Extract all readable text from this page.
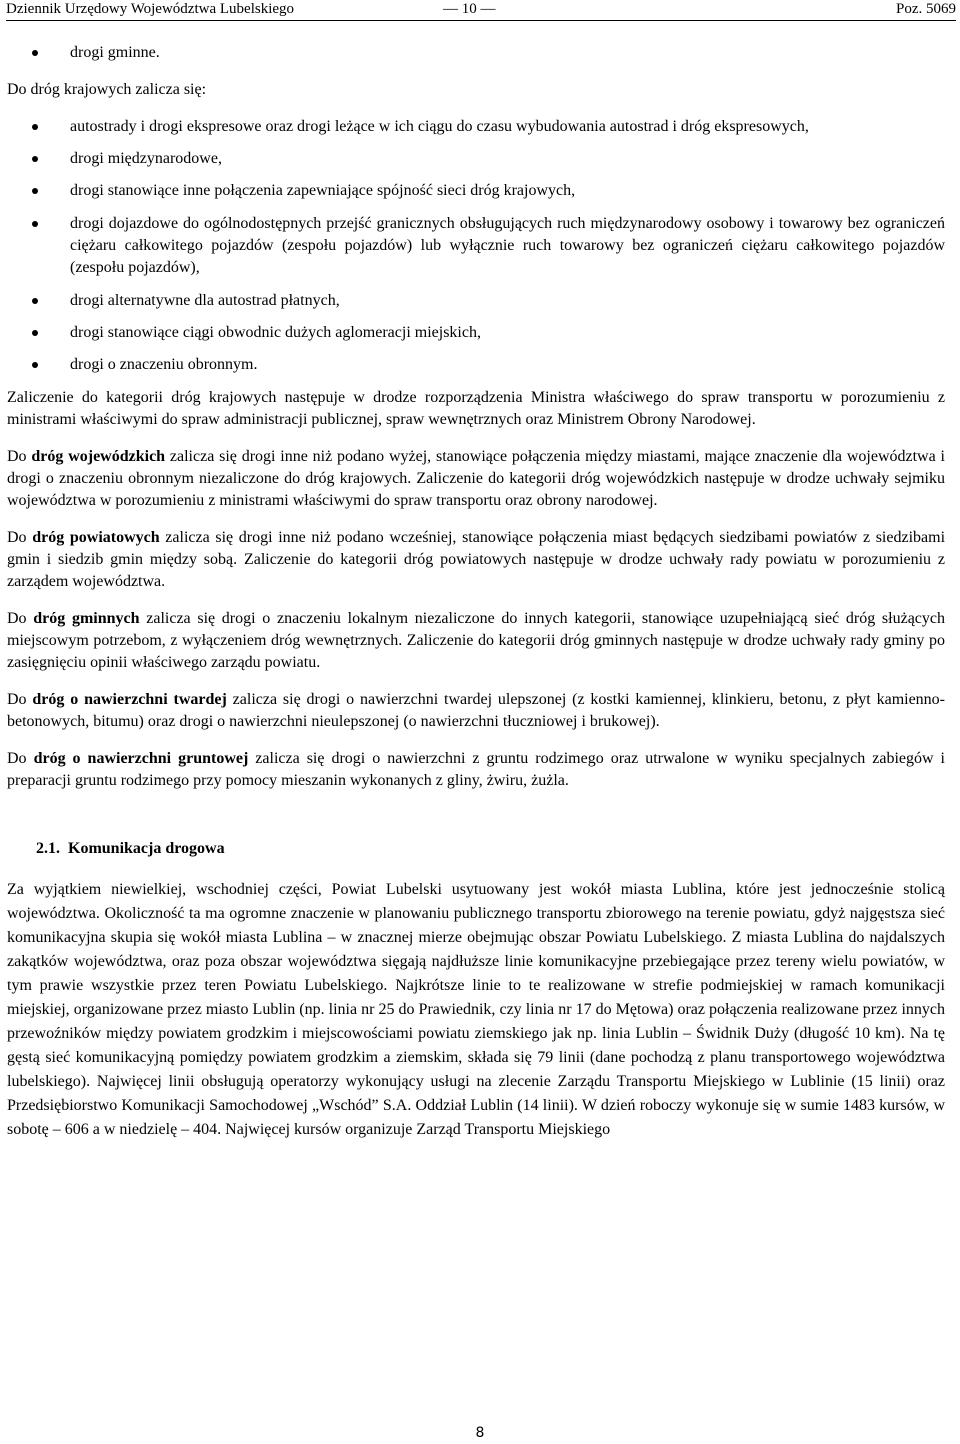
Dziennik Urzędowy Województwa Lubelskiego	— 10 —	Poz. 5069
drogi gminne.

Do dróg krajowych zalicza się:

autostrady i drogi ekspresowe oraz drogi leżące w ich ciągu do czasu wybudowania autostrad i dróg ekspresowych,
drogi międzynarodowe,
drogi stanowiące inne połączenia zapewniające spójność sieci dróg krajowych,
drogi dojazdowe do ogólnodostępnych przejść granicznych obsługujących ruch międzynarodowy osobowy i towarowy bez ograniczeń ciężaru całkowitego pojazdów (zespołu pojazdów) lub wyłącznie ruch towarowy bez ograniczeń ciężaru całkowitego pojazdów (zespołu pojazdów),
drogi alternatywne dla autostrad płatnych,
drogi stanowiące ciągi obwodnic dużych aglomeracji miejskich,
drogi o znaczeniu obronnym.

Zaliczenie do kategorii dróg krajowych następuje w drodze rozporządzenia Ministra właściwego do spraw transportu w porozumieniu z ministrami właściwymi do spraw administracji publicznej, spraw wewnętrznych oraz Ministrem Obrony Narodowej.

Do dróg wojewódzkich zalicza się drogi inne niż podano wyżej, stanowiące połączenia między miastami, mające znaczenie dla województwa i drogi o znaczeniu obronnym niezaliczone do dróg krajowych. Zaliczenie do kategorii dróg wojewódzkich następuje w drodze uchwały sejmiku województwa w porozumieniu z ministrami właściwymi do spraw transportu oraz obrony narodowej.

Do dróg powiatowych zalicza się drogi inne niż podano wcześniej, stanowiące połączenia miast będących siedzibami powiatów z siedzibami gmin i siedzib gmin między sobą. Zaliczenie do kategorii dróg powiatowych następuje w drodze uchwały rady powiatu w porozumieniu z zarządem województwa.

Do dróg gminnych zalicza się drogi o znaczeniu lokalnym niezaliczone do innych kategorii, stanowiące uzupełniającą sieć dróg służących miejscowym potrzebom, z wyłączeniem dróg wewnętrznych. Zaliczenie do kategorii dróg gminnych następuje w drodze uchwały rady gminy po zasięgnięciu opinii właściwego zarządu powiatu.

Do dróg o nawierzchni twardej zalicza się drogi o nawierzchni twardej ulepszonej (z kostki kamiennej, klinkieru, betonu, z płyt kamienno-betonowych, bitumu) oraz drogi o nawierzchni nieulepszonej (o nawierzchni tłuczniowej i brukowej).

Do dróg o nawierzchni gruntowej zalicza się drogi o nawierzchni z gruntu rodzimego oraz utrwalone w wyniku specjalnych zabiegów i preparacji gruntu rodzimego przy pomocy mieszanin wykonanych z gliny, żwiru, żużla.

2.1. Komunikacja drogowa

Za wyjątkiem niewielkiej, wschodniej części, Powiat Lubelski usytuowany jest wokół miasta Lublina, które jest jednocześnie stolicą województwa. Okoliczność ta ma ogromne znaczenie w planowaniu publicznego transportu zbiorowego na terenie powiatu, gdyż najgęstsza sieć komunikacyjna skupia się wokół miasta Lublina – w znacznej mierze obejmując obszar Powiatu Lubelskiego. Z miasta Lublina do najdalszych zakątków województwa, oraz poza obszar województwa sięgają najdłuższe linie komunikacyjne przebiegające przez tereny wielu powiatów, w tym prawie wszystkie przez teren Powiatu Lubelskiego. Najkrótsze linie to te realizowane w strefie podmiejskiej w ramach komunikacji miejskiej, organizowane przez miasto Lublin (np. linia nr 25 do Prawiednik, czy linia nr 17 do Mętowa) oraz połączenia realizowane przez innych przewoźników między powiatem grodzkim i miejscowościami powiatu ziemskiego jak np. linia Lublin – Świdnik Duży (długość 10 km). Na tę gęstą sieć komunikacyjną pomiędzy powiatem grodzkim a ziemskim, składa się 79 linii (dane pochodzą z planu transportowego województwa lubelskiego). Najwięcej linii obsługują operatorzy wykonujący usługi na zlecenie Zarządu Transportu Miejskiego w Lublinie (15 linii) oraz Przedsiębiorstwo Komunikacji Samochodowej „Wschód” S.A. Oddział Lublin (14 linii). W dzień roboczy wykonuje się w sumie 1483 kursów, w sobotę – 606 a w niedzielę – 404. Najwięcej kursów organizuje Zarząd Transportu Miejskiego

8
